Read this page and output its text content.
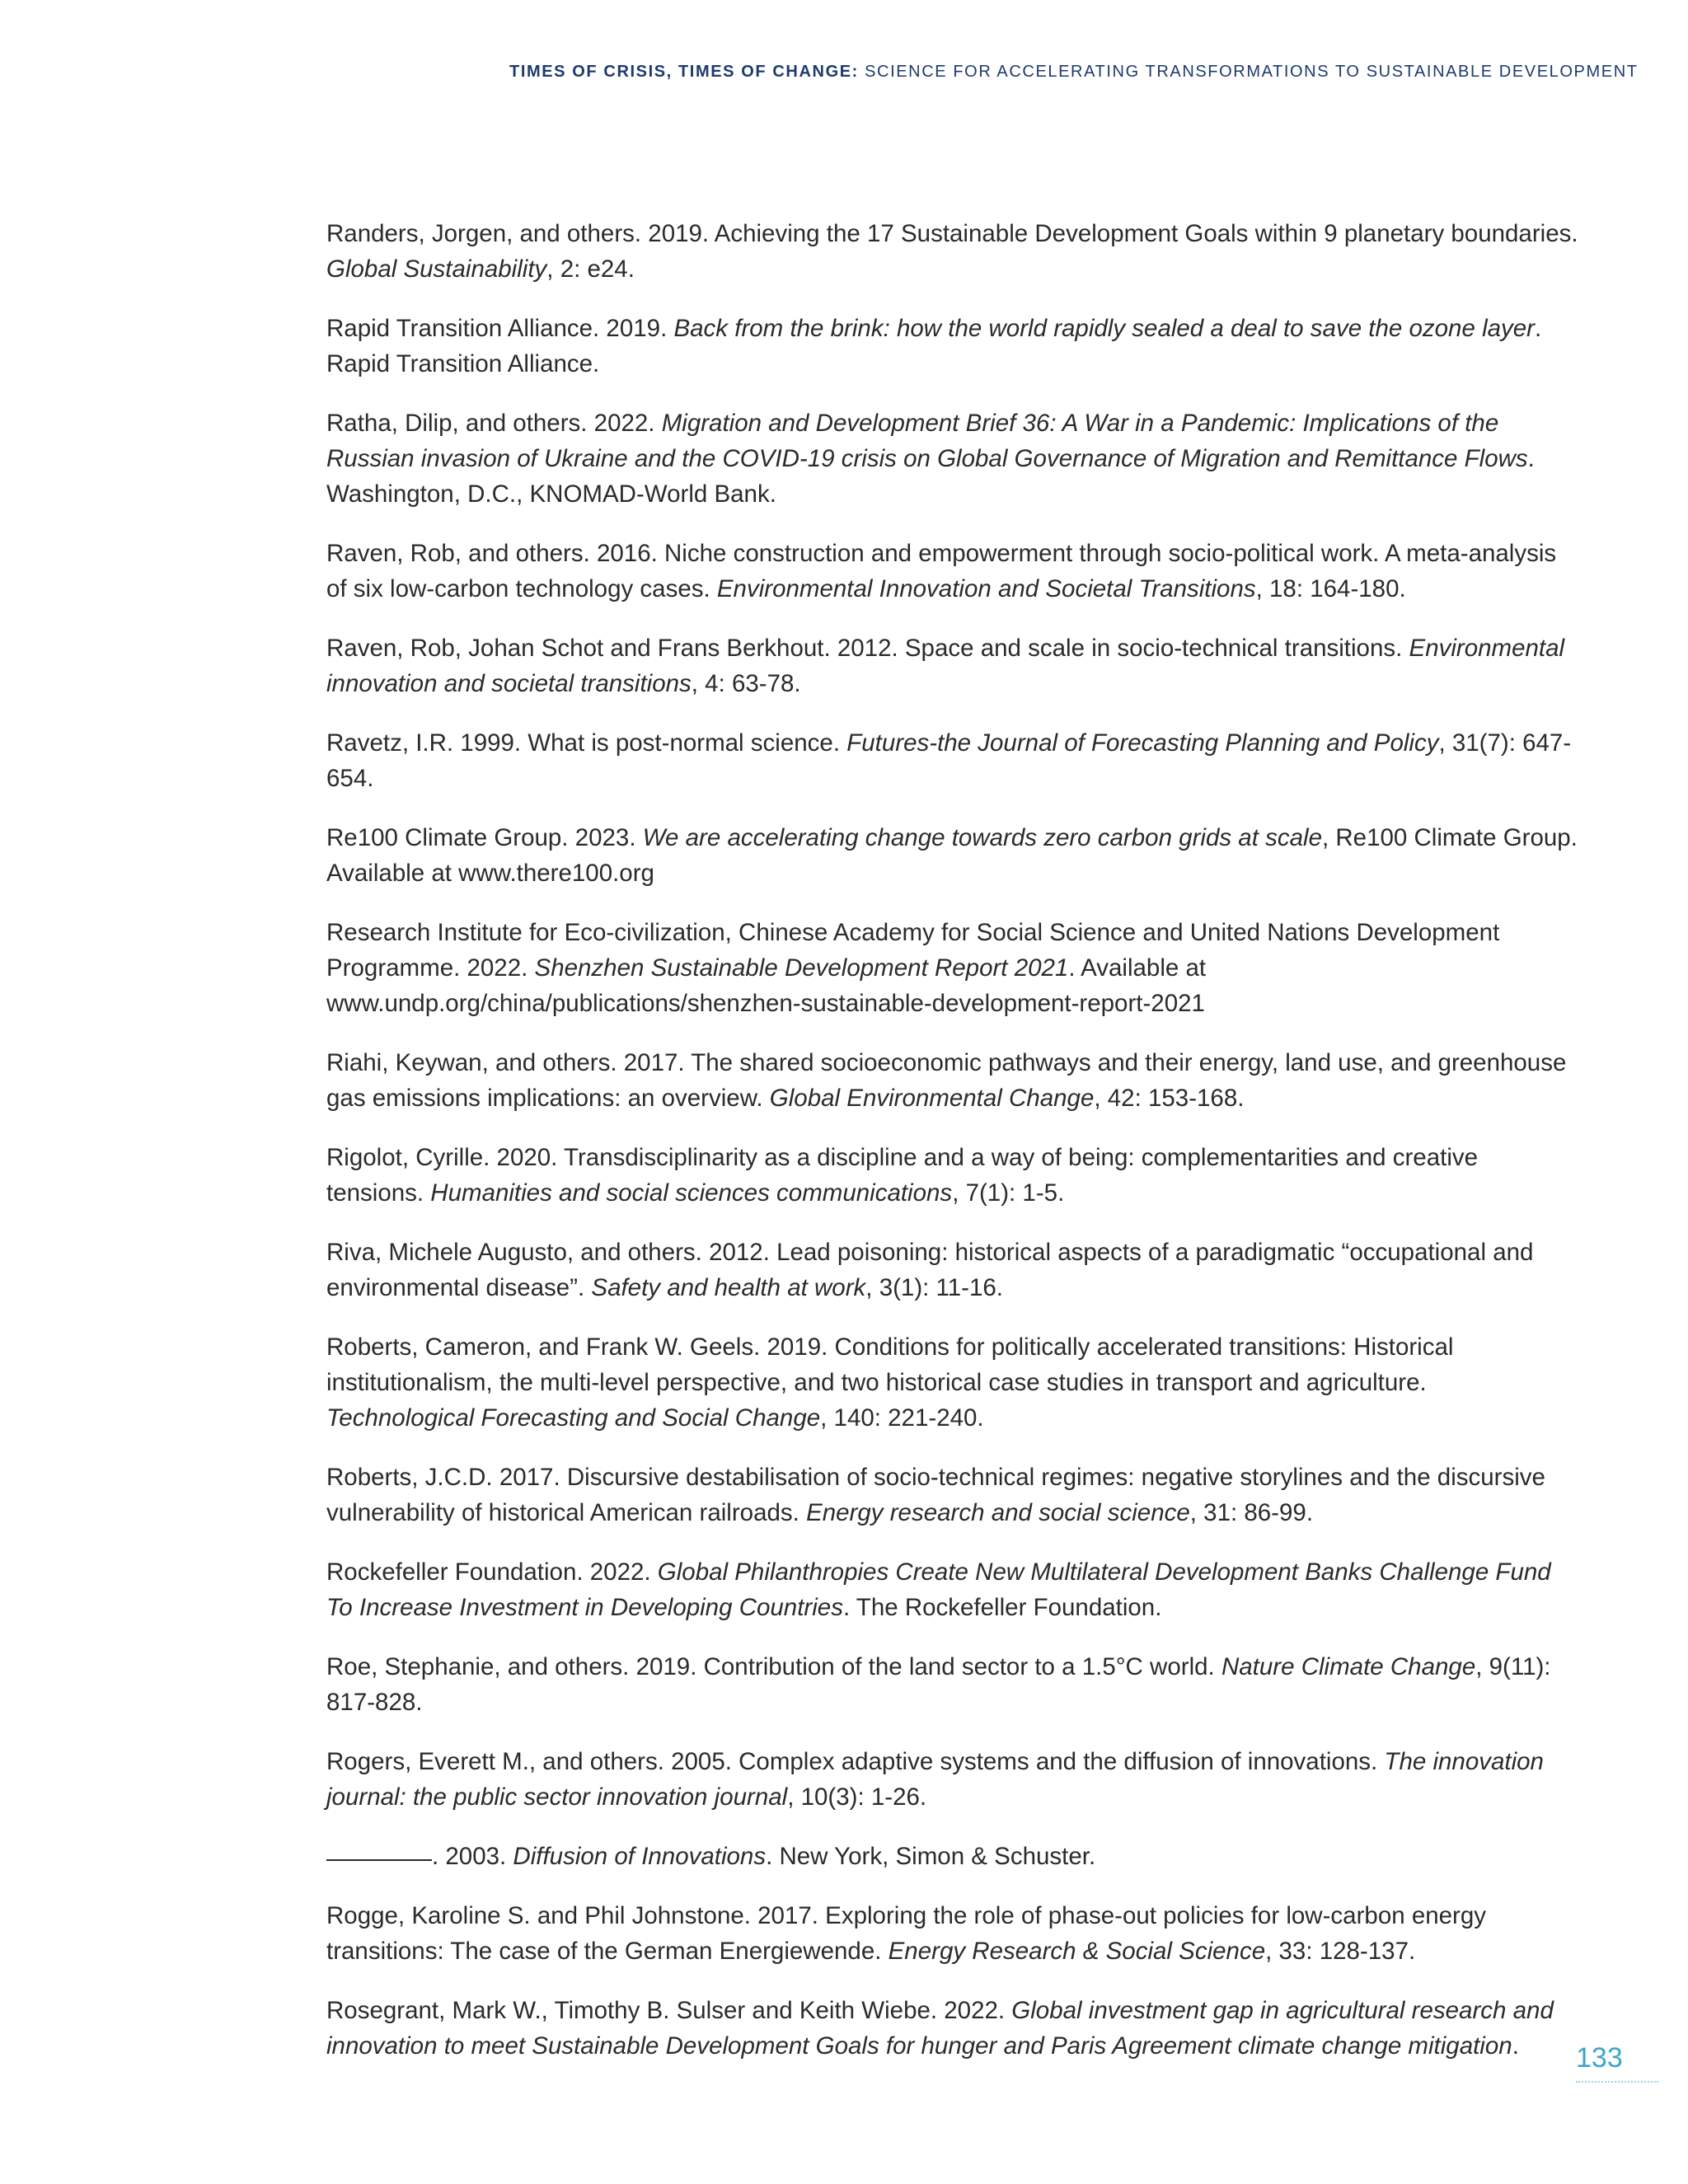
TIMES OF CRISIS, TIMES OF CHANGE: SCIENCE FOR ACCELERATING TRANSFORMATIONS TO SUSTAINABLE DEVELOPMENT

Randers, Jorgen, and others. 2019. Achieving the 17 Sustainable Development Goals within 9 planetary boundaries. Global Sustainability, 2: e24.

Rapid Transition Alliance. 2019. Back from the brink: how the world rapidly sealed a deal to save the ozone layer. Rapid Transition Alliance.

Ratha, Dilip, and others. 2022. Migration and Development Brief 36: A War in a Pandemic: Implications of the Russian invasion of Ukraine and the COVID-19 crisis on Global Governance of Migration and Remittance Flows. Washington, D.C., KNOMAD-World Bank.

Raven, Rob, and others. 2016. Niche construction and empowerment through socio-political work. A meta-analysis of six low-carbon technology cases. Environmental Innovation and Societal Transitions, 18: 164-180.

Raven, Rob, Johan Schot and Frans Berkhout. 2012. Space and scale in socio-technical transitions. Environmental innovation and societal transitions, 4: 63-78.

Ravetz, I.R. 1999. What is post-normal science. Futures-the Journal of Forecasting Planning and Policy, 31(7): 647-654.

Re100 Climate Group. 2023. We are accelerating change towards zero carbon grids at scale, Re100 Climate Group. Available at www.there100.org

Research Institute for Eco-civilization, Chinese Academy for Social Science and United Nations Development Programme. 2022. Shenzhen Sustainable Development Report 2021. Available at www.undp.org/china/publications/shenzhen-sustainable-development-report-2021

Riahi, Keywan, and others. 2017. The shared socioeconomic pathways and their energy, land use, and greenhouse gas emissions implications: an overview. Global Environmental Change, 42: 153-168.

Rigolot, Cyrille. 2020. Transdisciplinarity as a discipline and a way of being: complementarities and creative tensions. Humanities and social sciences communications, 7(1): 1-5.

Riva, Michele Augusto, and others. 2012. Lead poisoning: historical aspects of a paradigmatic “occupational and environmental disease”. Safety and health at work, 3(1): 11-16.

Roberts, Cameron, and Frank W. Geels. 2019. Conditions for politically accelerated transitions: Historical institutionalism, the multi-level perspective, and two historical case studies in transport and agriculture. Technological Forecasting and Social Change, 140: 221-240.

Roberts, J.C.D. 2017. Discursive destabilisation of socio-technical regimes: negative storylines and the discursive vulnerability of historical American railroads. Energy research and social science, 31: 86-99.

Rockefeller Foundation. 2022. Global Philanthropies Create New Multilateral Development Banks Challenge Fund To Increase Investment in Developing Countries. The Rockefeller Foundation.

Roe, Stephanie, and others. 2019. Contribution of the land sector to a 1.5°C world. Nature Climate Change, 9(11): 817-828.

Rogers, Everett M., and others. 2005. Complex adaptive systems and the diffusion of innovations. The innovation journal: the public sector innovation journal, 10(3): 1-26.

. 2003. Diffusion of Innovations. New York, Simon & Schuster.

Rogge, Karoline S. and Phil Johnstone. 2017. Exploring the role of phase-out policies for low-carbon energy transitions: The case of the German Energiewende. Energy Research & Social Science, 33: 128-137.

Rosegrant, Mark W., Timothy B. Sulser and Keith Wiebe. 2022. Global investment gap in agricultural research and innovation to meet Sustainable Development Goals for hunger and Paris Agreement climate change mitigation.	133
